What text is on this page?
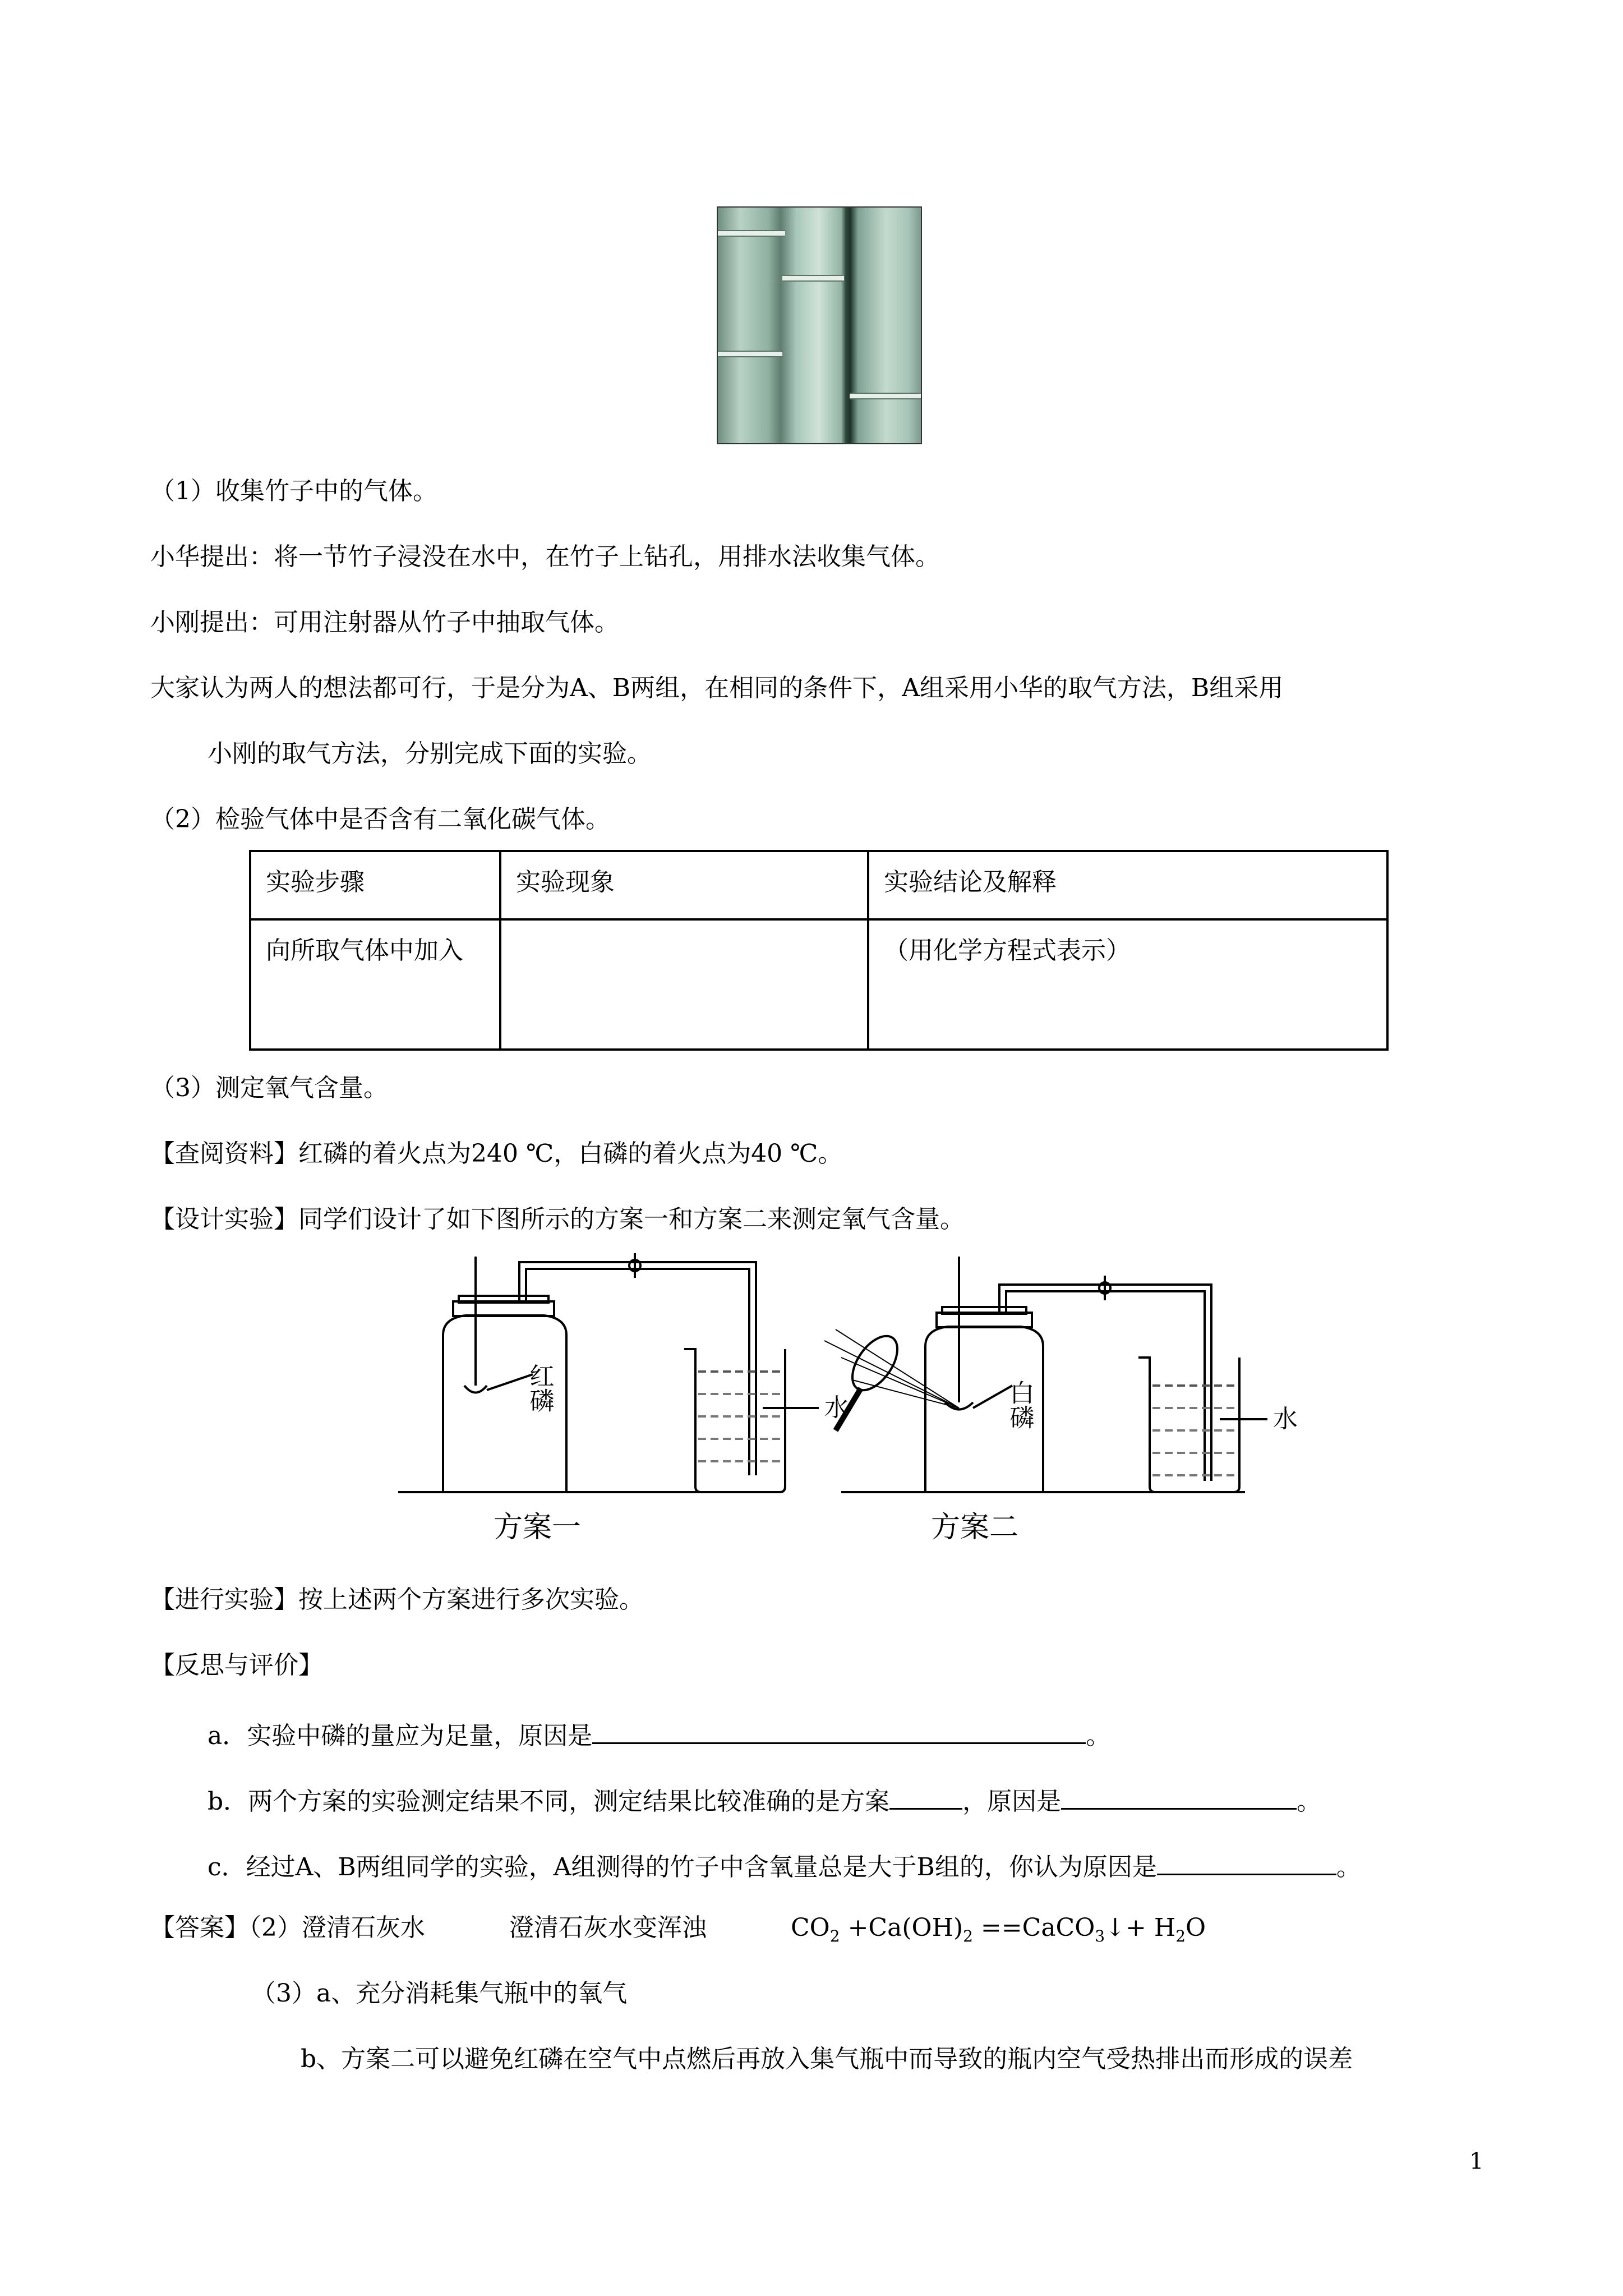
（1）收集竹子中的气体。
小华提出：将一节竹子浸没在水中，在竹子上钻孔，用排水法收集气体。
小刚提出：可用注射器从竹子中抽取气体。
大家认为两人的想法都可行，于是分为A、B两组，在相同的条件下，A组采用小华的取气方法，B组采用
小刚的取气方法，分别完成下面的实验。
（2）检验气体中是否含有二氧化碳气体。
实验步骤	实验现象	实验结论及解释
向所取气体中加入		（用化学方程式表示）
（3）测定氧气含量。
【查阅资料】红磷的着火点为240 ℃，白磷的着火点为40 ℃。
【设计实验】同学们设计了如下图所示的方案一和方案二来测定氧气含量。
红磷	水
方案一
白磷	水
方案二
【进行实验】按上述两个方案进行多次实验。
【反思与评价】
a．实验中磷的量应为足量，原因是	。
b．两个方案的实验测定结果不同，测定结果比较准确的是方案	，原因是	。
c．经过A、B两组同学的实验，A组测得的竹子中含氧量总是大于B组的，你认为原因是	。
【答案】（2）澄清石灰水	澄清石灰水变浑浊	$CO_2 +Ca(OH)_2$ ==CaCO$_3$↓+ $H_2O$
（3）a、充分消耗集气瓶中的氧气
b、方案二可以避免红磷在空气中点燃后再放入集气瓶中而导致的瓶内空气受热排出而形成的误差
1
